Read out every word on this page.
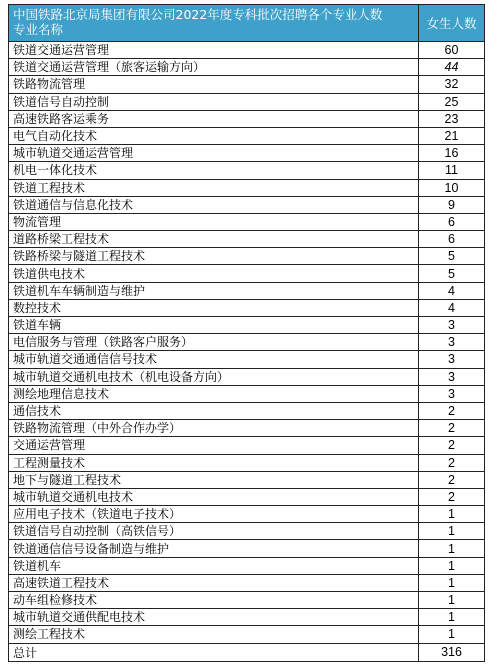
中国铁路北京局集团有限公司2022年度专科批次招聘各个专业人数
专业名称	女生人数
铁道交通运营管理	60
铁道交通运营管理（旅客运输方向）	44
铁路物流管理	32
铁道信号自动控制	25
高速铁路客运乘务	23
电气自动化技术	21
城市轨道交通运营管理	16
机电一体化技术	11
铁道工程技术	10
铁道通信与信息化技术	9
物流管理	6
道路桥梁工程技术	6
铁路桥梁与隧道工程技术	5
铁道供电技术	5
铁道机车车辆制造与维护	4
数控技术	4
铁道车辆	3
电信服务与管理（铁路客户服务）	3
城市轨道交通通信信号技术	3
城市轨道交通机电技术（机电设备方向）	3
测绘地理信息技术	3
通信技术	2
铁路物流管理（中外合作办学）	2
交通运营管理	2
工程测量技术	2
地下与隧道工程技术	2
城市轨道交通机电技术	2
应用电子技术（铁道电子技术）	1
铁道信号自动控制（高铁信号）	1
铁道通信信号设备制造与维护	1
铁道机车	1
高速铁道工程技术	1
动车组检修技术	1
城市轨道交通供配电技术	1
测绘工程技术	1
总计	316
